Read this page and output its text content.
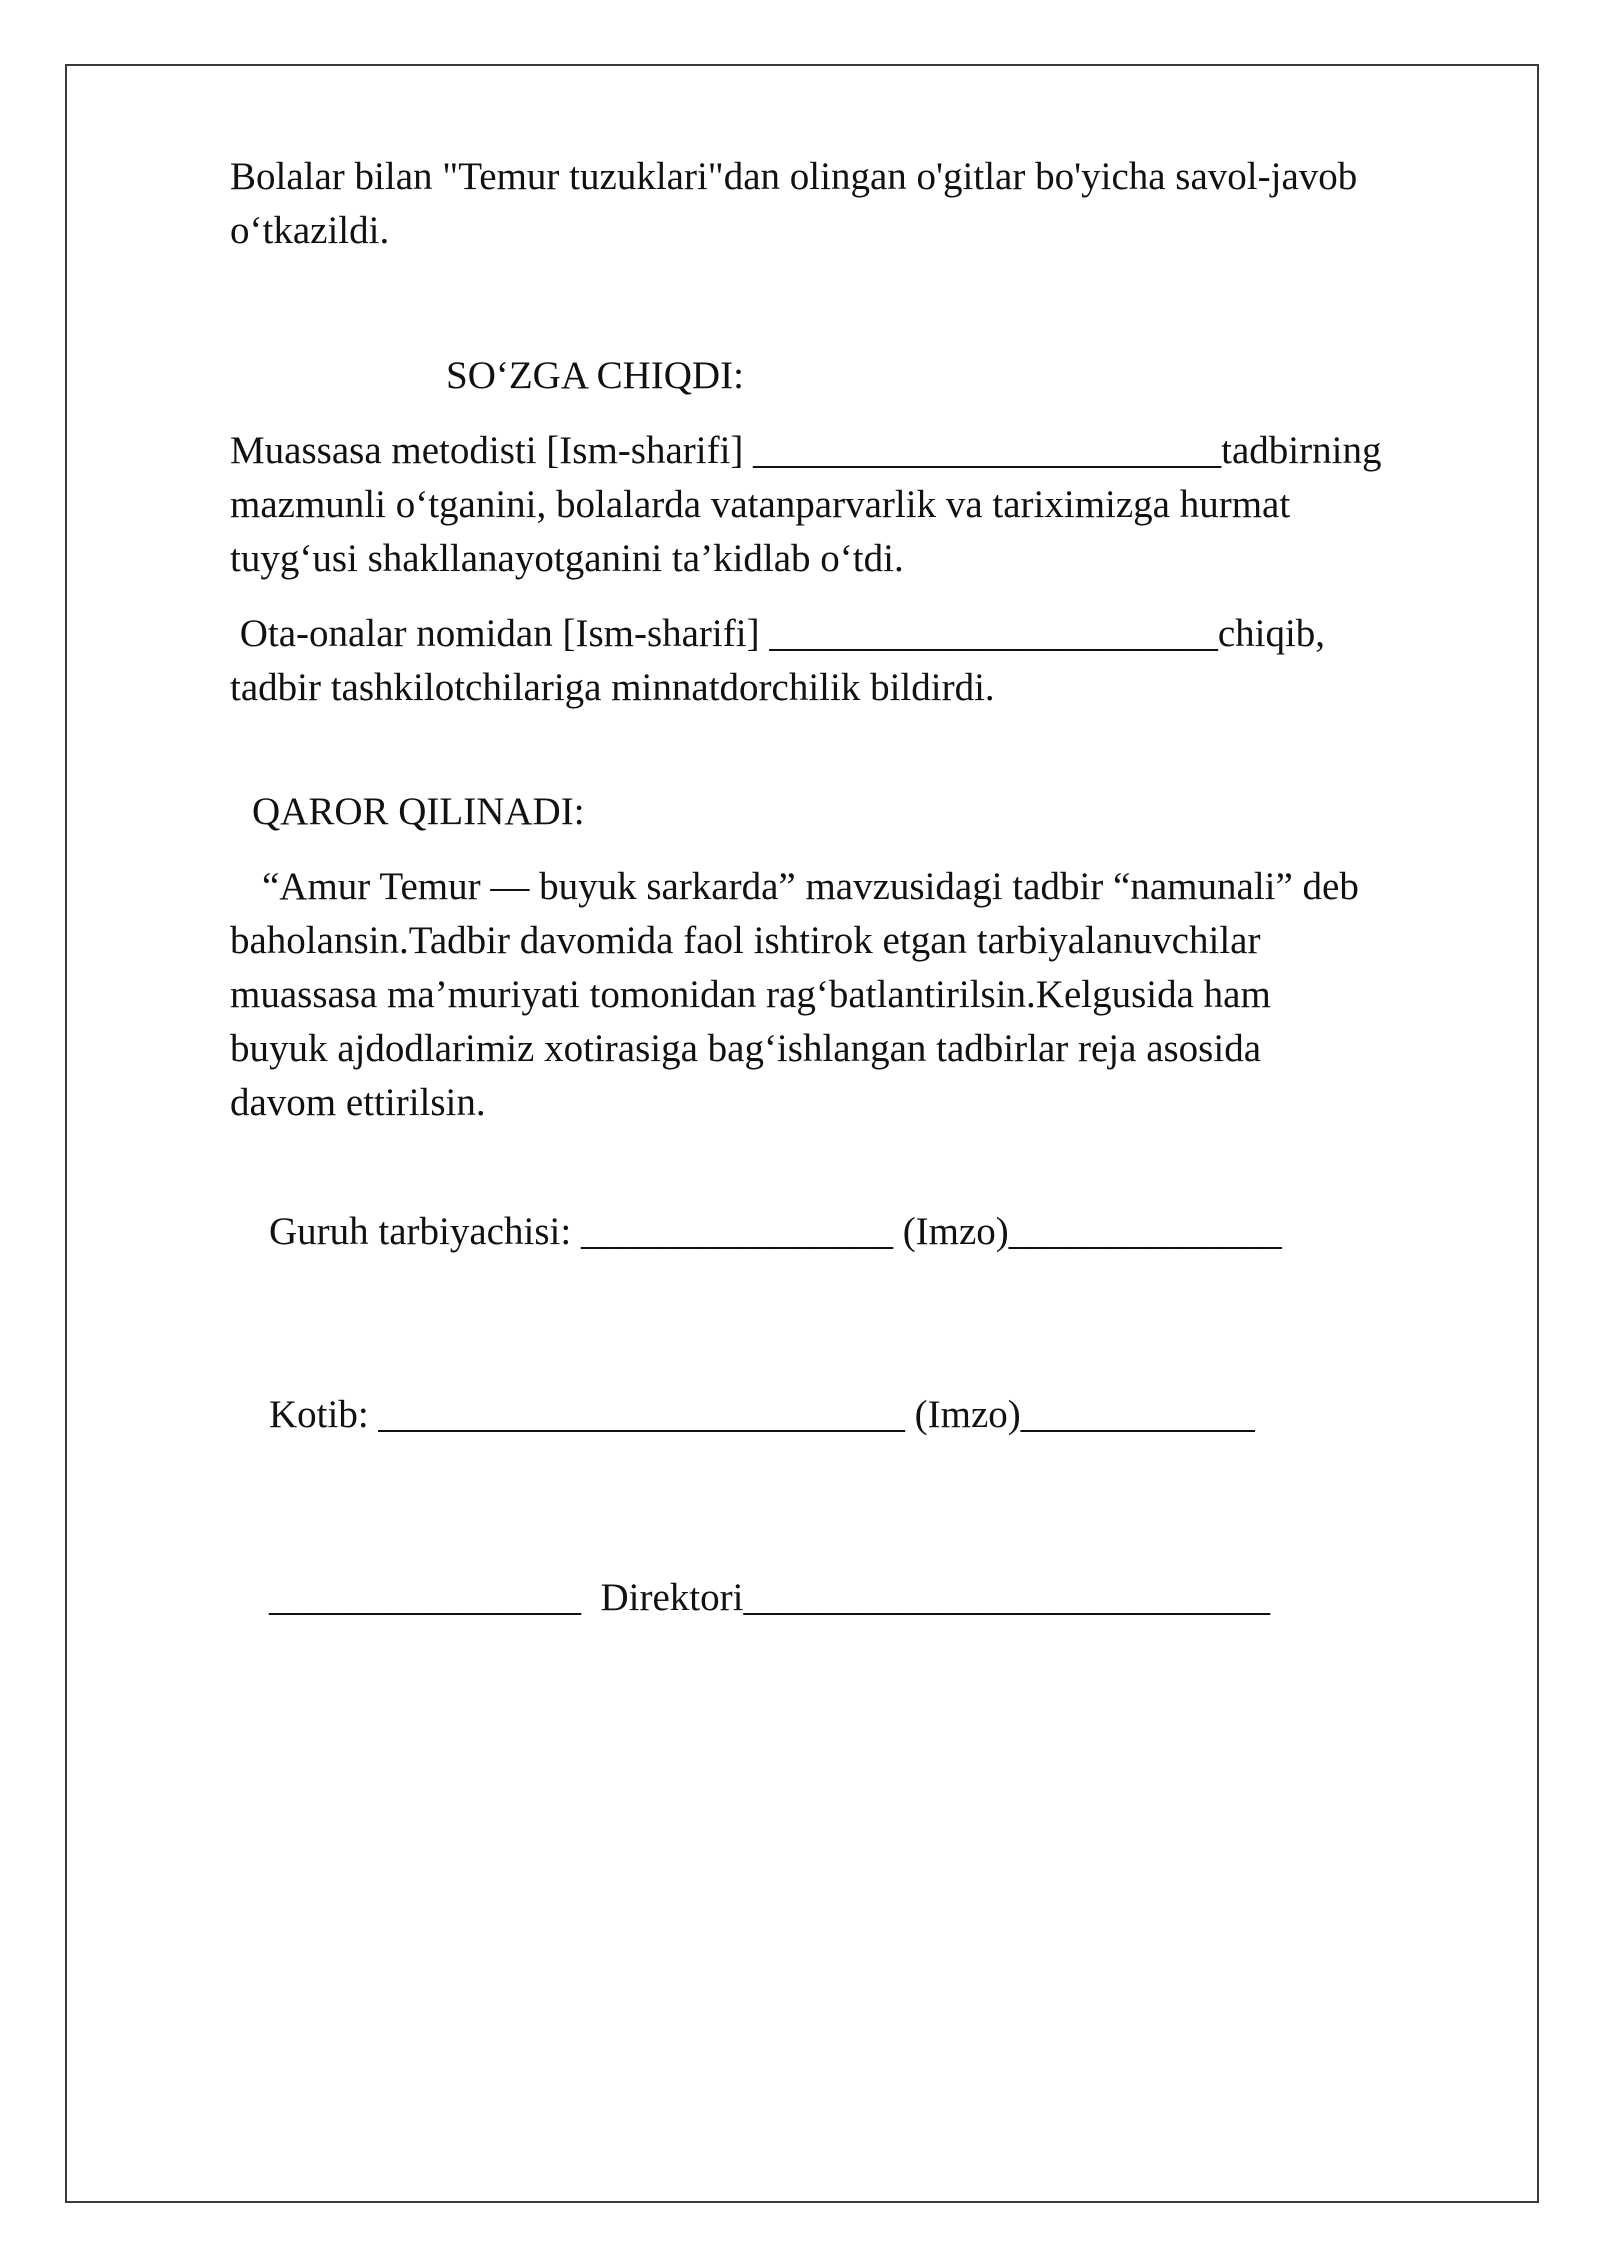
Bolalar bilan "Temur tuzuklari"dan olingan o'gitlar bo'yicha savol-javob
o‘tkazildi.
SO‘ZGA CHIQDI:
Muassasa metodisti [Ism-sharifi] ________________________tadbirning
mazmunli o‘tganini, bolalarda vatanparvarlik va tariximizga hurmat
tuyg‘usi shakllanayotganini ta’kidlab o‘tdi.
Ota-onalar nomidan [Ism-sharifi] _______________________chiqib,
tadbir tashkilotchilariga minnatdorchilik bildirdi.
QAROR QILINADI:
“Amur Temur — buyuk sarkarda” mavzusidagi tadbir “namunali” deb
baholansin.Tadbir davomida faol ishtirok etgan tarbiyalanuvchilar
muassasa ma’muriyati tomonidan rag‘batlantirilsin.Kelgusida ham
buyuk ajdodlarimiz xotirasiga bag‘ishlangan tadbirlar reja asosida
davom ettirilsin.

Guruh tarbiyachisi: ________________ (Imzo)______________

Kotib: ___________________________ (Imzo)____________

________________  Direktori___________________________
